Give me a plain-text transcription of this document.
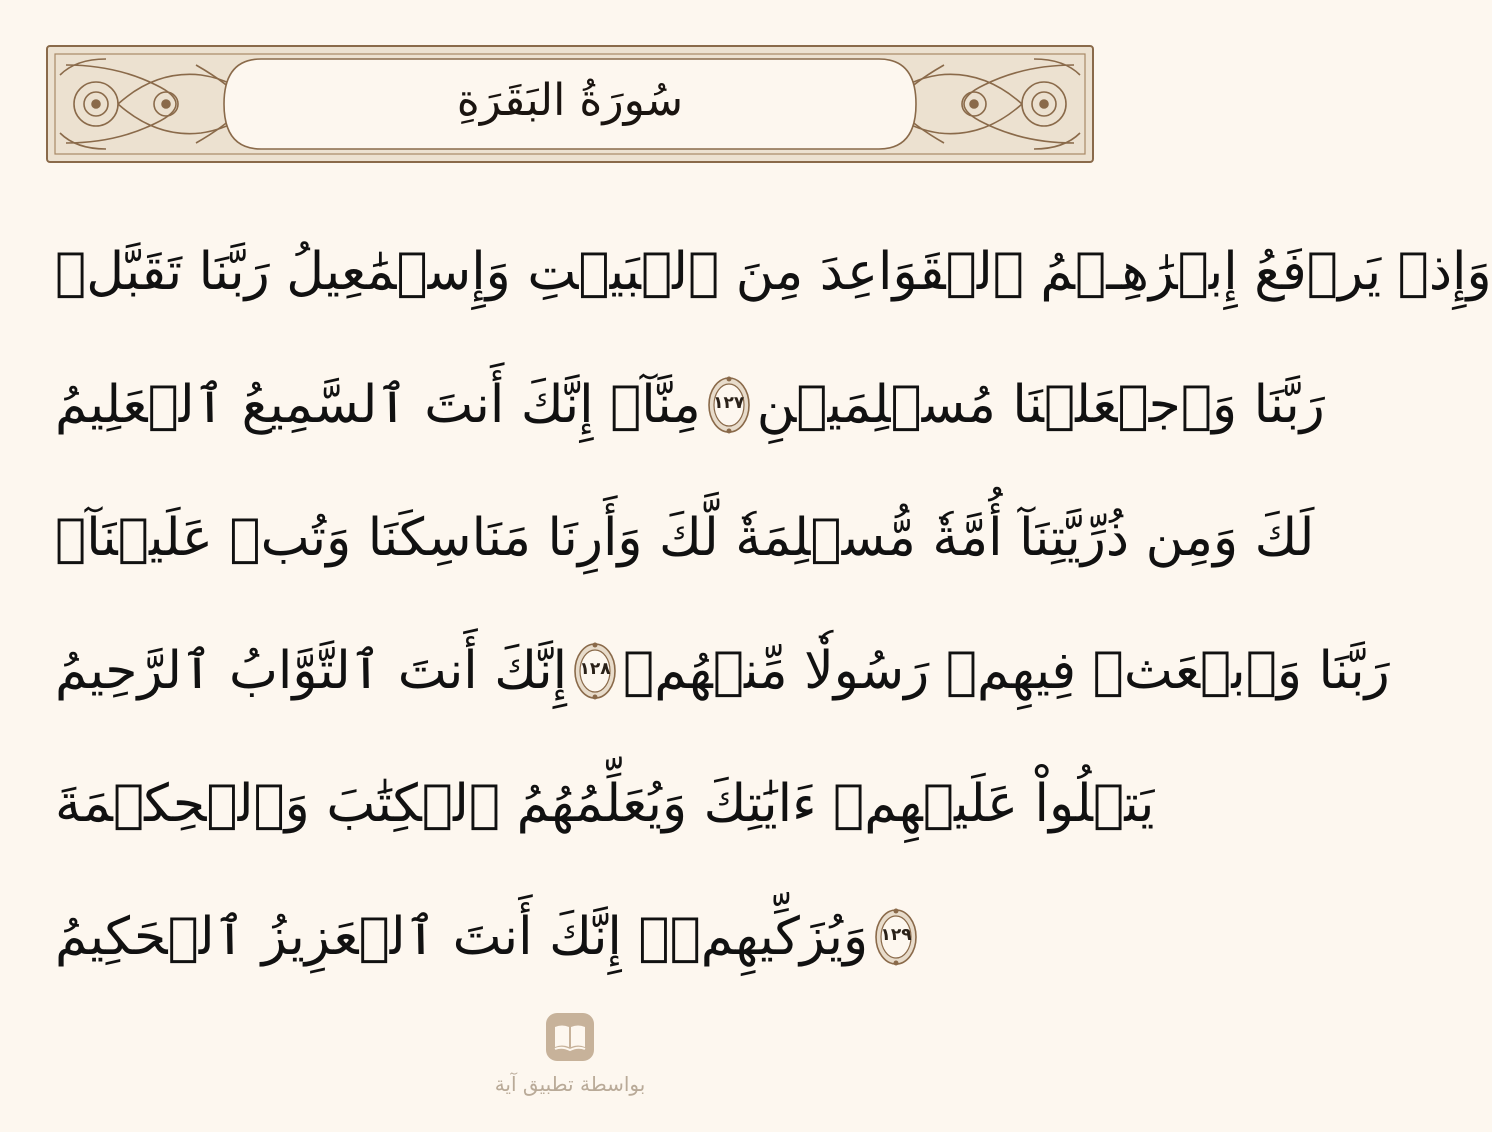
سُورَةُ البَقَرَةِ
وَإِذۡ يَرۡفَعُ إِبۡرَٰهِـۧمُ ٱلۡقَوَاعِدَ مِنَ ٱلۡبَيۡتِ وَإِسۡمَٰعِيلُ رَبَّنَا تَقَبَّلۡ
مِنَّآۖ إِنَّكَ أَنتَ ٱلسَّمِيعُ ٱلۡعَلِيمُ ١٢٧ رَبَّنَا وَٱجۡعَلۡنَا مُسۡلِمَيۡنِ
لَكَ وَمِن ذُرِّيَّتِنَآ أُمَّةٗ مُّسۡلِمَةٗ لَّكَ وَأَرِنَا مَنَاسِكَنَا وَتُبۡ عَلَيۡنَآۖ
إِنَّكَ أَنتَ ٱلتَّوَّابُ ٱلرَّحِيمُ ١٢٨ رَبَّنَا وَٱبۡعَثۡ فِيهِمۡ رَسُولٗا مِّنۡهُمۡ
يَتۡلُواْ عَلَيۡهِمۡ ءَايَٰتِكَ وَيُعَلِّمُهُمُ ٱلۡكِتَٰبَ وَٱلۡحِكۡمَةَ
وَيُزَكِّيهِمۡۖ إِنَّكَ أَنتَ ٱلۡعَزِيزُ ٱلۡحَكِيمُ ١٢٩
بواسطة تطبيق آية
